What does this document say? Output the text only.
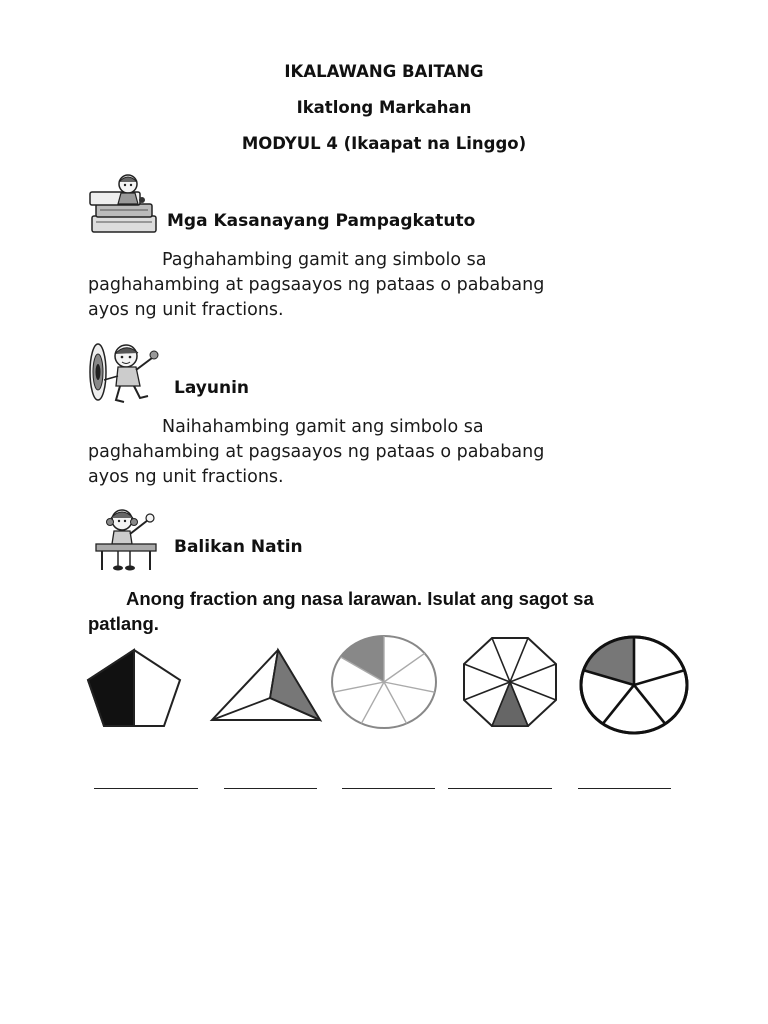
IKALAWANG BAITANG
Ikatlong Markahan
MODYUL 4 (Ikaapat na Linggo)
Mga Kasanayang Pampagkatuto
Paghahambing gamit ang simbolo sa
paghahambing at pagsaayos ng pataas o pababang
ayos ng unit fractions.
Layunin
Naihahambing gamit ang simbolo sa
paghahambing at pagsaayos ng pataas o pababang
ayos ng unit fractions.
Balikan Natin
Anong fraction ang nasa larawan. Isulat ang sagot sa
patlang.
